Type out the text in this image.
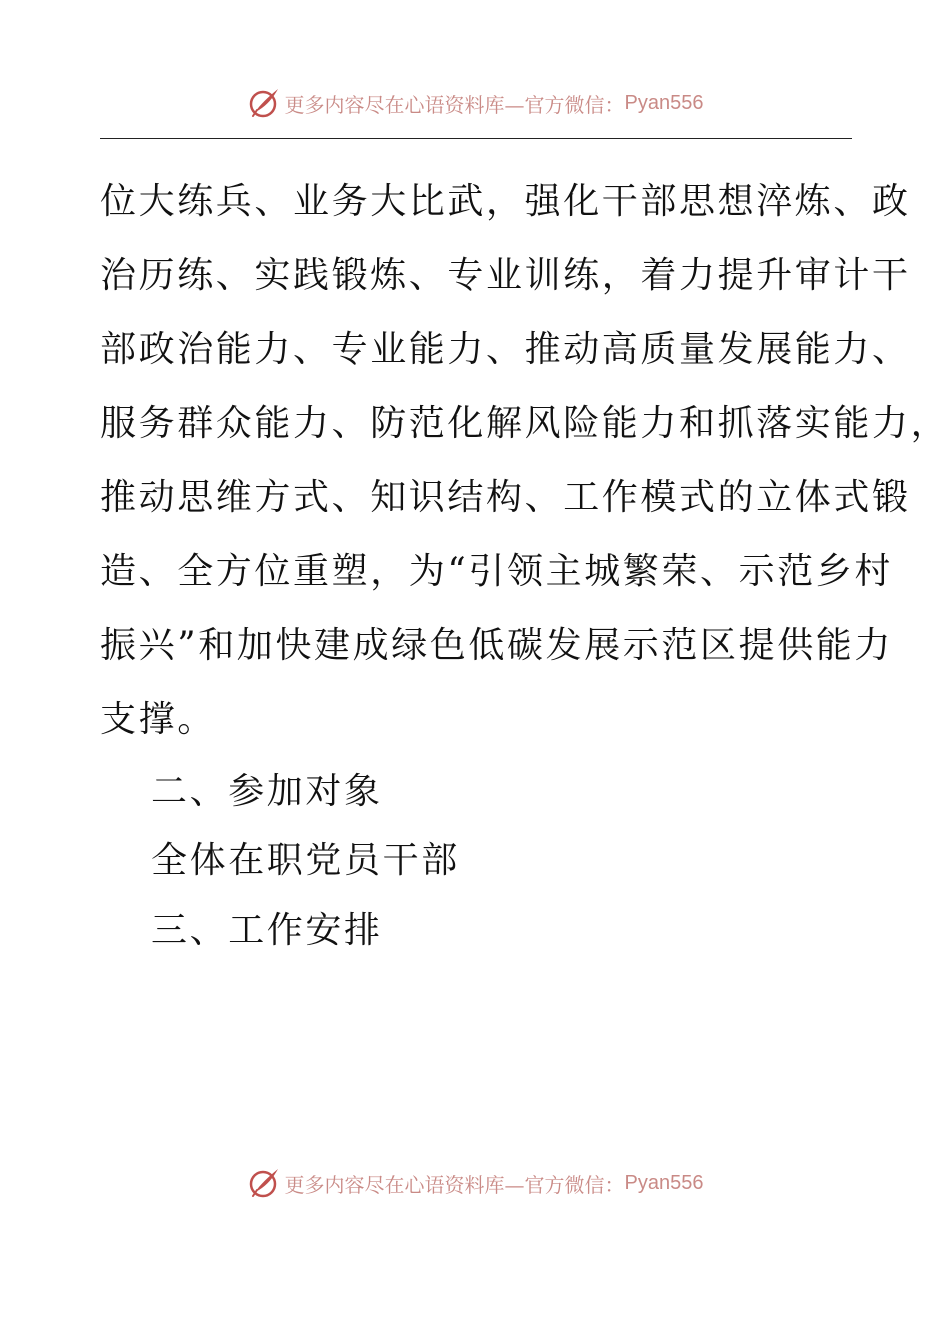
更多内容尽在心语资料库—官方微信： Pyan556
位大练兵、业务大比武，强化干部思想淬炼、政
治历练、实践锻炼、专业训练，着力提升审计干
部政治能力、专业能力、推动高质量发展能力、
服务群众能力、防范化解风险能力和抓落实能力，
推动思维方式、知识结构、工作模式的立体式锻
造、全方位重塑，为“引领主城繁荣、示范乡村
振兴”和加快建成绿色低碳发展示范区提供能力
支撑。
二、参加对象
全体在职党员干部
三、工作安排
更多内容尽在心语资料库—官方微信： Pyan556
